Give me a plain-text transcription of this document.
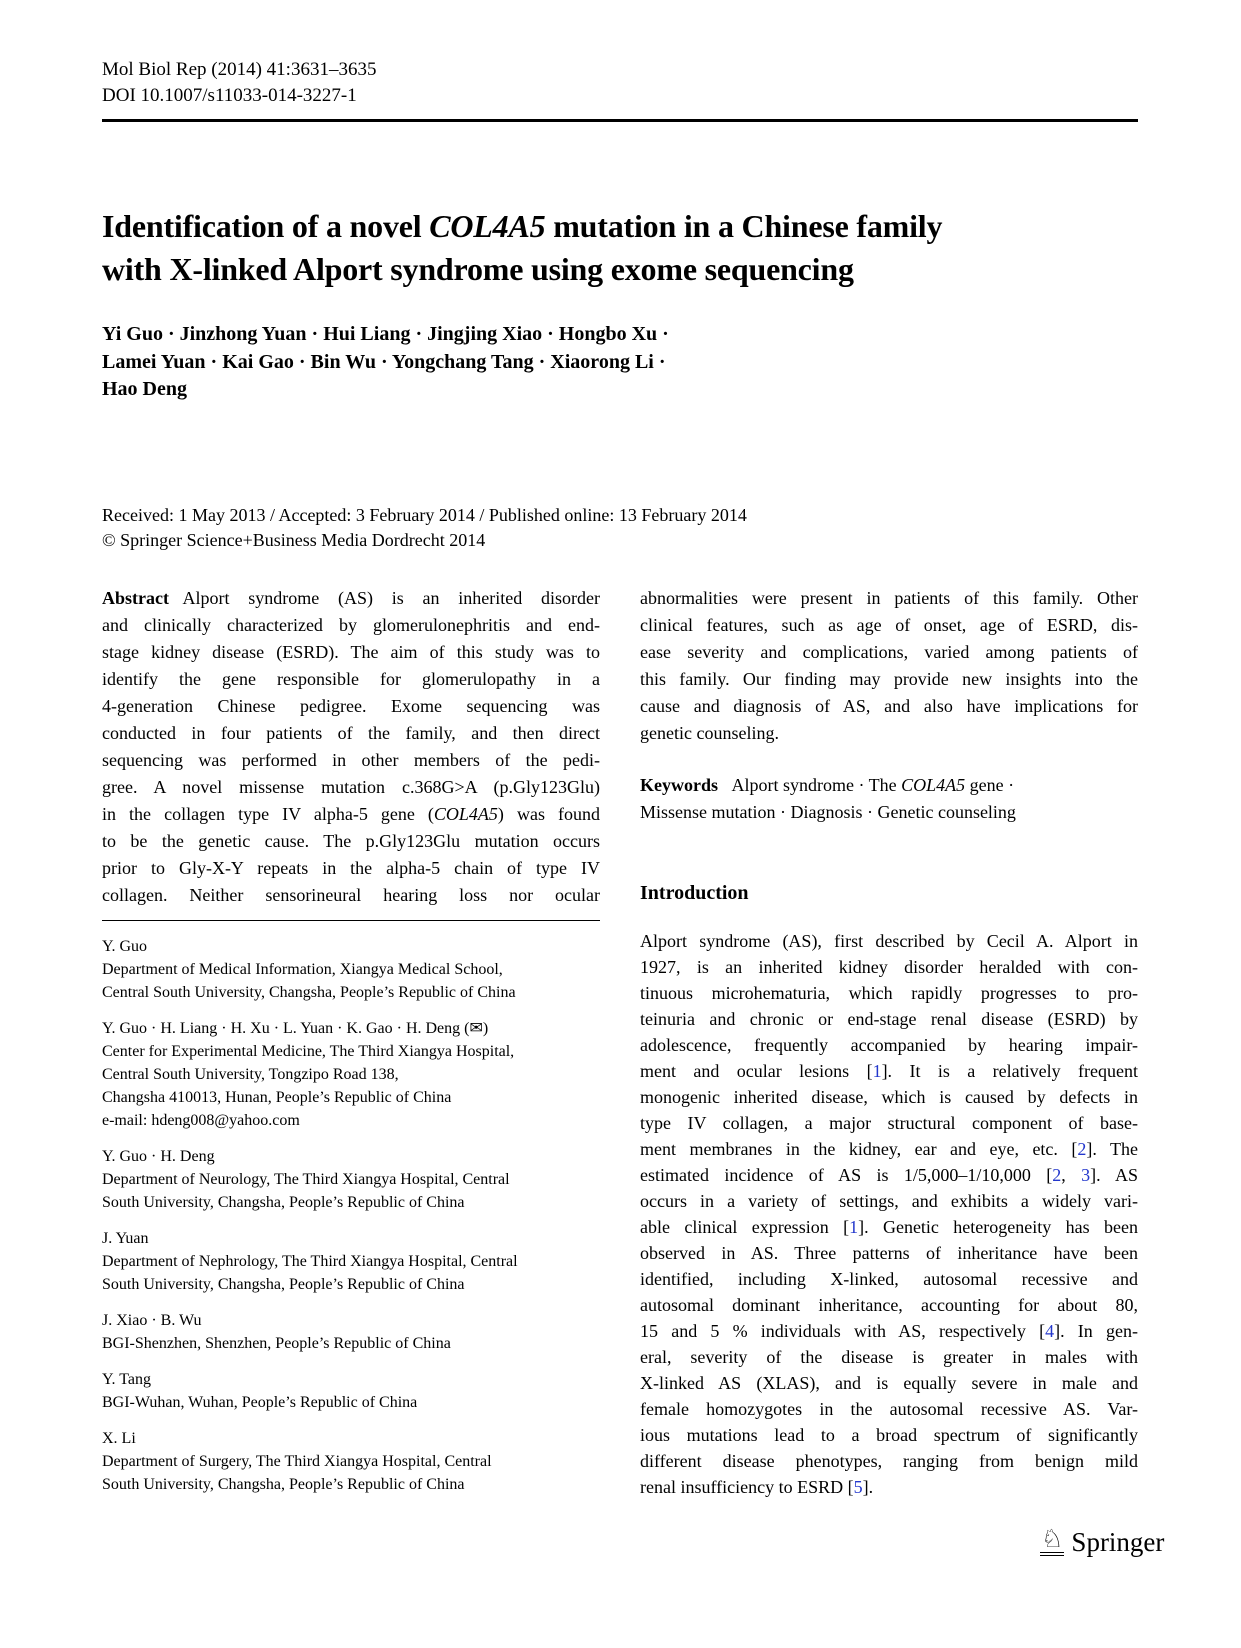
Mol Biol Rep (2014) 41:3631–3635
DOI 10.1007/s11033-014-3227-1
Identification of a novel COL4A5 mutation in a Chinese family
with X-linked Alport syndrome using exome sequencing
Yi Guo · Jinzhong Yuan · Hui Liang · Jingjing Xiao · Hongbo Xu ·
Lamei Yuan · Kai Gao · Bin Wu · Yongchang Tang · Xiaorong Li ·
Hao Deng
Received: 1 May 2013 / Accepted: 3 February 2014 / Published online: 13 February 2014
© Springer Science+Business Media Dordrecht 2014
Abstract Alport syndrome (AS) is an inherited disorder
and clinically characterized by glomerulonephritis and end-
stage kidney disease (ESRD). The aim of this study was to
identify the gene responsible for glomerulopathy in a
4-generation Chinese pedigree. Exome sequencing was
conducted in four patients of the family, and then direct
sequencing was performed in other members of the pedi-
gree. A novel missense mutation c.368G>A (p.Gly123Glu)
in the collagen type IV alpha-5 gene (COL4A5) was found
to be the genetic cause. The p.Gly123Glu mutation occurs
prior to Gly-X-Y repeats in the alpha-5 chain of type IV
collagen. Neither sensorineural hearing loss nor ocular
Y. Guo
Department of Medical Information, Xiangya Medical School,
Central South University, Changsha, People’s Republic of China
Y. Guo · H. Liang · H. Xu · L. Yuan · K. Gao · H. Deng (✉)
Center for Experimental Medicine, The Third Xiangya Hospital,
Central South University, Tongzipo Road 138,
Changsha 410013, Hunan, People’s Republic of China
e-mail: hdeng008@yahoo.com
Y. Guo · H. Deng
Department of Neurology, The Third Xiangya Hospital, Central
South University, Changsha, People’s Republic of China
J. Yuan
Department of Nephrology, The Third Xiangya Hospital, Central
South University, Changsha, People’s Republic of China
J. Xiao · B. Wu
BGI-Shenzhen, Shenzhen, People’s Republic of China
Y. Tang
BGI-Wuhan, Wuhan, People’s Republic of China
X. Li
Department of Surgery, The Third Xiangya Hospital, Central
South University, Changsha, People’s Republic of China
abnormalities were present in patients of this family. Other
clinical features, such as age of onset, age of ESRD, dis-
ease severity and complications, varied among patients of
this family. Our finding may provide new insights into the
cause and diagnosis of AS, and also have implications for
genetic counseling.
Keywords Alport syndrome · The COL4A5 gene ·
Missense mutation · Diagnosis · Genetic counseling
Introduction
Alport syndrome (AS), first described by Cecil A. Alport in
1927, is an inherited kidney disorder heralded with con-
tinuous microhematuria, which rapidly progresses to pro-
teinuria and chronic or end-stage renal disease (ESRD) by
adolescence, frequently accompanied by hearing impair-
ment and ocular lesions [1]. It is a relatively frequent
monogenic inherited disease, which is caused by defects in
type IV collagen, a major structural component of base-
ment membranes in the kidney, ear and eye, etc. [2]. The
estimated incidence of AS is 1/5,000–1/10,000 [2, 3]. AS
occurs in a variety of settings, and exhibits a widely vari-
able clinical expression [1]. Genetic heterogeneity has been
observed in AS. Three patterns of inheritance have been
identified, including X-linked, autosomal recessive and
autosomal dominant inheritance, accounting for about 80,
15 and 5 % individuals with AS, respectively [4]. In gen-
eral, severity of the disease is greater in males with
X-linked AS (XLAS), and is equally severe in male and
female homozygotes in the autosomal recessive AS. Var-
ious mutations lead to a broad spectrum of significantly
different disease phenotypes, ranging from benign mild
renal insufficiency to ESRD [5].
♘ Springer
